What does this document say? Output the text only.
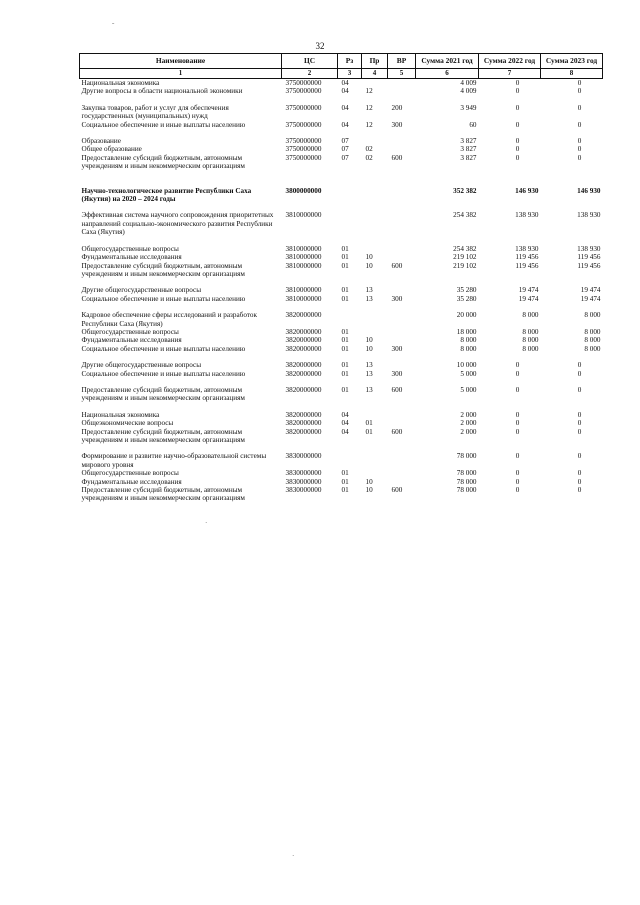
ˇ
32
Наименование	ЦС	Рз	Пр	ВР	Сумма 2021 год	Сумма 2022 год	Сумма 2023 год
1	2	3	4	5	6	7	8
Национальная экономика	3750000000	04			4 009	0	0
Другие вопросы в области национальной экономики	3750000000	04	12		4 009	0	0

Закупка товаров, работ и услуг для обеспечения государственных (муниципальных) нужд	3750000000	04	12	200	3 949	0	0
Социальное обеспечение и иные выплаты населению	3750000000	04	12	300	60	0	0

Образование	3750000000	07			3 827	0	0
Общее образование	3750000000	07	02		3 827	0	0
Предоставление субсидий бюджетным, автономным учреждениям и иным некоммерческим организациям	3750000000	07	02	600	3 827	0	0

Научно-технологическое развитие Республики Саха (Якутия) на 2020 – 2024 годы	3800000000				352 382	146 930	146 930

Эффективная система научного сопровождения приоритетных направлений социально-экономического развития Республики Саха (Якутия)	3810000000				254 382	138 930	138 930

Общегосударственные вопросы	3810000000	01			254 382	138 930	138 930
Фундаментальные исследования	3810000000	01	10		219 102	119 456	119 456
Предоставление субсидий бюджетным, автономным учреждениям и иным некоммерческим организациям	3810000000	01	10	600	219 102	119 456	119 456

Другие общегосударственные вопросы	3810000000	01	13		35 280	19 474	19 474
Социальное обеспечение и иные выплаты населению	3810000000	01	13	300	35 280	19 474	19 474

Кадровое обеспечение сферы исследований и разработок Республики Саха (Якутия)	3820000000				20 000	8 000	8 000
Общегосударственные вопросы	3820000000	01			18 000	8 000	8 000
Фундаментальные исследования	3820000000	01	10		8 000	8 000	8 000
Социальное обеспечение и иные выплаты населению	3820000000	01	10	300	8 000	8 000	8 000

Другие общегосударственные вопросы	3820000000	01	13		10 000	0	0
Социальное обеспечение и иные выплаты населению	3820000000	01	13	300	5 000	0	0

Предоставление субсидий бюджетным, автономным учреждениям и иным некоммерческим организациям	3820000000	01	13	600	5 000	0	0

Национальная экономика	3820000000	04			2 000	0	0
Общеэкономические вопросы	3820000000	04	01		2 000	0	0
Предоставление субсидий бюджетным, автономным учреждениям и иным некоммерческим организациям	3820000000	04	01	600	2 000	0	0

Формирование и развитие научно-образовательной системы мирового уровня	3830000000				78 000	0	0
Общегосударственные вопросы	3830000000	01			78 000	0	0
Фундаментальные исследования	3830000000	01	10		78 000	0	0
Предоставление субсидий бюджетным, автономным учреждениям и иным некоммерческим организациям	3830000000	01	10	600	78 000	0	0
·
·
